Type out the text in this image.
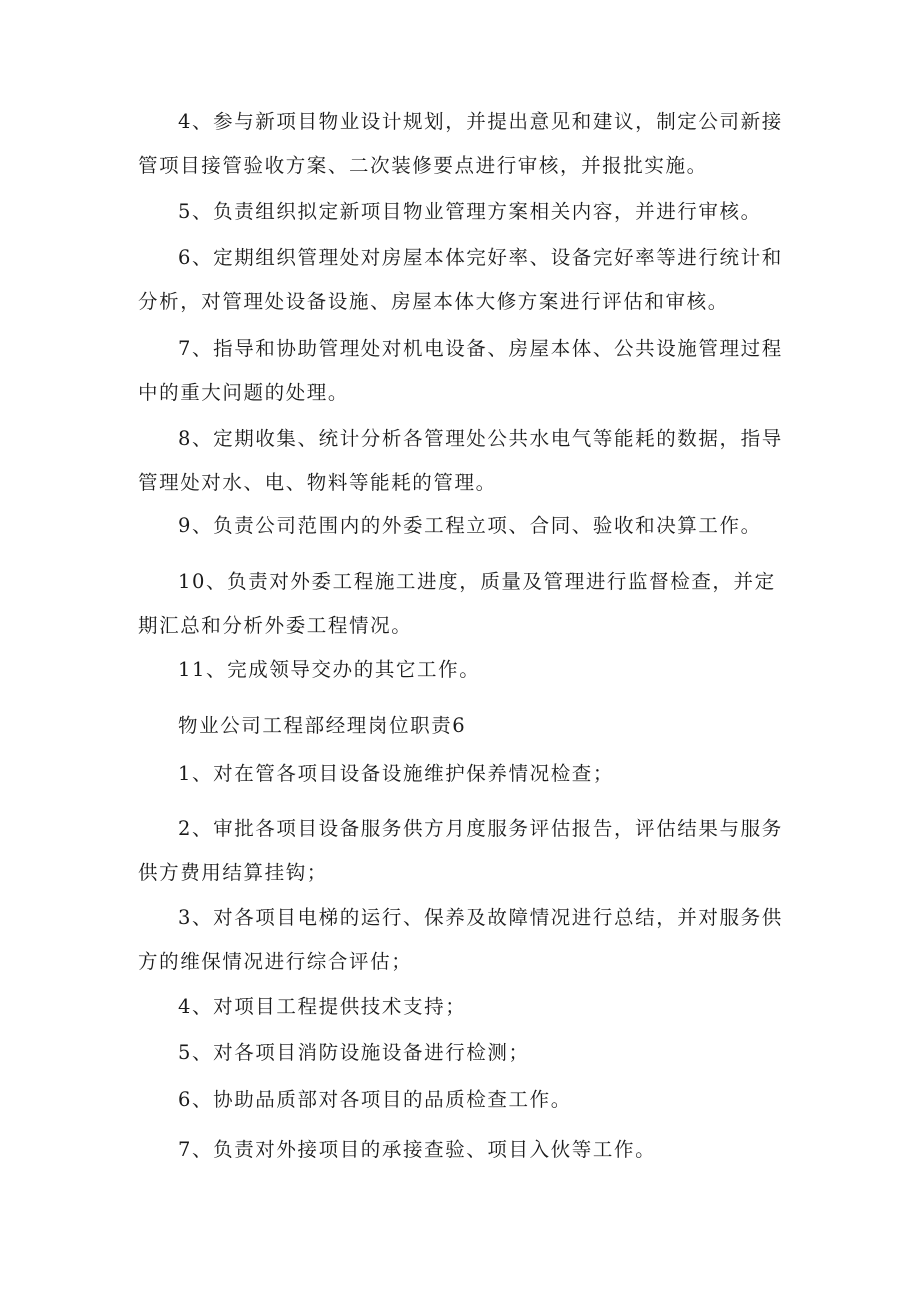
4、参与新项目物业设计规划，并提出意见和建议，制定公司新接管项目接管验收方案、二次装修要点进行审核，并报批实施。

5、负责组织拟定新项目物业管理方案相关内容，并进行审核。

6、定期组织管理处对房屋本体完好率、设备完好率等进行统计和分析，对管理处设备设施、房屋本体大修方案进行评估和审核。

7、指导和协助管理处对机电设备、房屋本体、公共设施管理过程中的重大问题的处理。

8、定期收集、统计分析各管理处公共水电气等能耗的数据，指导管理处对水、电、物料等能耗的管理。

9、负责公司范围内的外委工程立项、合同、验收和决算工作。

10、负责对外委工程施工进度，质量及管理进行监督检查，并定期汇总和分析外委工程情况。

11、完成领导交办的其它工作。

物业公司工程部经理岗位职责6

1、对在管各项目设备设施维护保养情况检查；

2、审批各项目设备服务供方月度服务评估报告，评估结果与服务供方费用结算挂钩；

3、对各项目电梯的运行、保养及故障情况进行总结，并对服务供方的维保情况进行综合评估；

4、对项目工程提供技术支持；

5、对各项目消防设施设备进行检测；

6、协助品质部对各项目的品质检查工作。

7、负责对外接项目的承接查验、项目入伙等工作。
